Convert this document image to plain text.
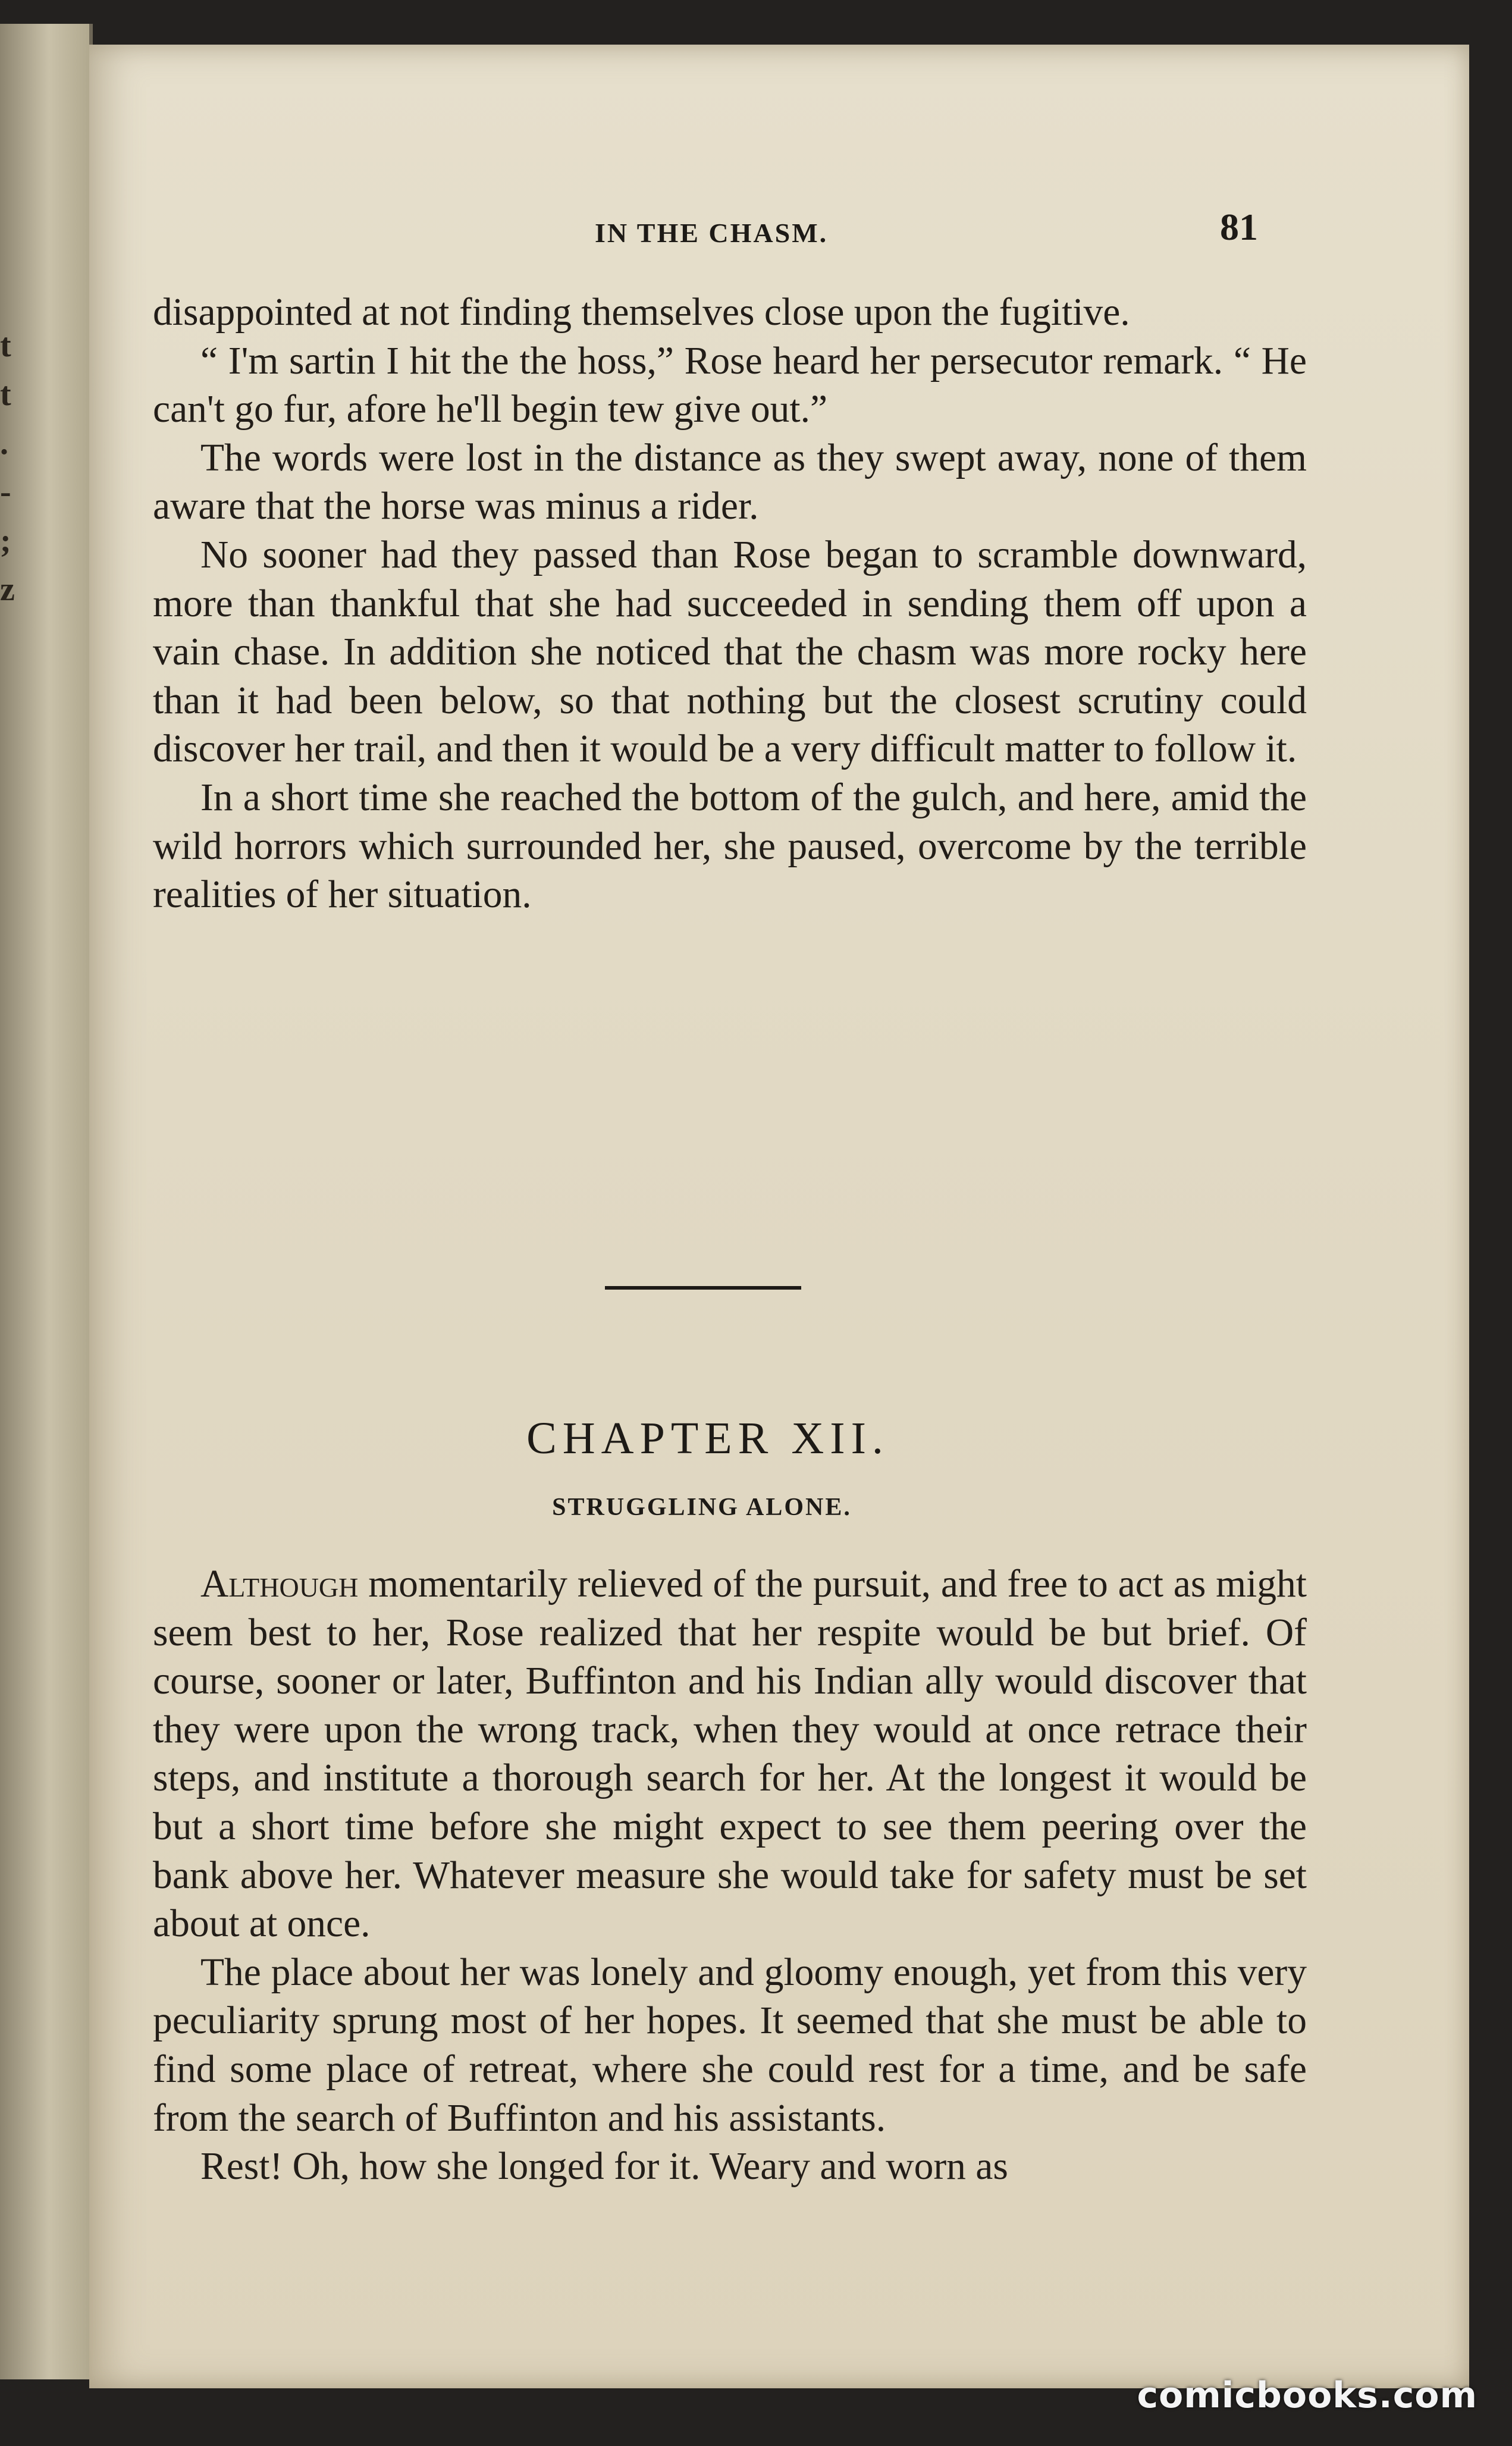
t
t
.
-
;
z
IN THE CHASM.	81

disappointed at not finding themselves close upon the fugitive.

“ I'm sartin I hit the the hoss,” Rose heard her persecutor remark. “ He can't go fur, afore he'll begin tew give out.”

The words were lost in the distance as they swept away, none of them aware that the horse was minus a rider.

No sooner had they passed than Rose began to scramble downward, more than thankful that she had succeeded in sending them off upon a vain chase. In addition she noticed that the chasm was more rocky here than it had been below, so that nothing but the closest scrutiny could discover her trail, and then it would be a very difficult matter to follow it.

In a short time she reached the bottom of the gulch, and here, amid the wild horrors which surrounded her, she paused, overcome by the terrible realities of her situation.

CHAPTER XII.
STRUGGLING ALONE.

Although momentarily relieved of the pursuit, and free to act as might seem best to her, Rose realized that her respite would be but brief. Of course, sooner or later, Buffinton and his Indian ally would discover that they were upon the wrong track, when they would at once retrace their steps, and institute a thorough search for her. At the longest it would be but a short time before she might expect to see them peering over the bank above her. Whatever measure she would take for safety must be set about at once.

The place about her was lonely and gloomy enough, yet from this very peculiarity sprung most of her hopes. It seemed that she must be able to find some place of retreat, where she could rest for a time, and be safe from the search of Buffinton and his assistants.

Rest! Oh, how she longed for it. Weary and worn as

comicbooks.com
